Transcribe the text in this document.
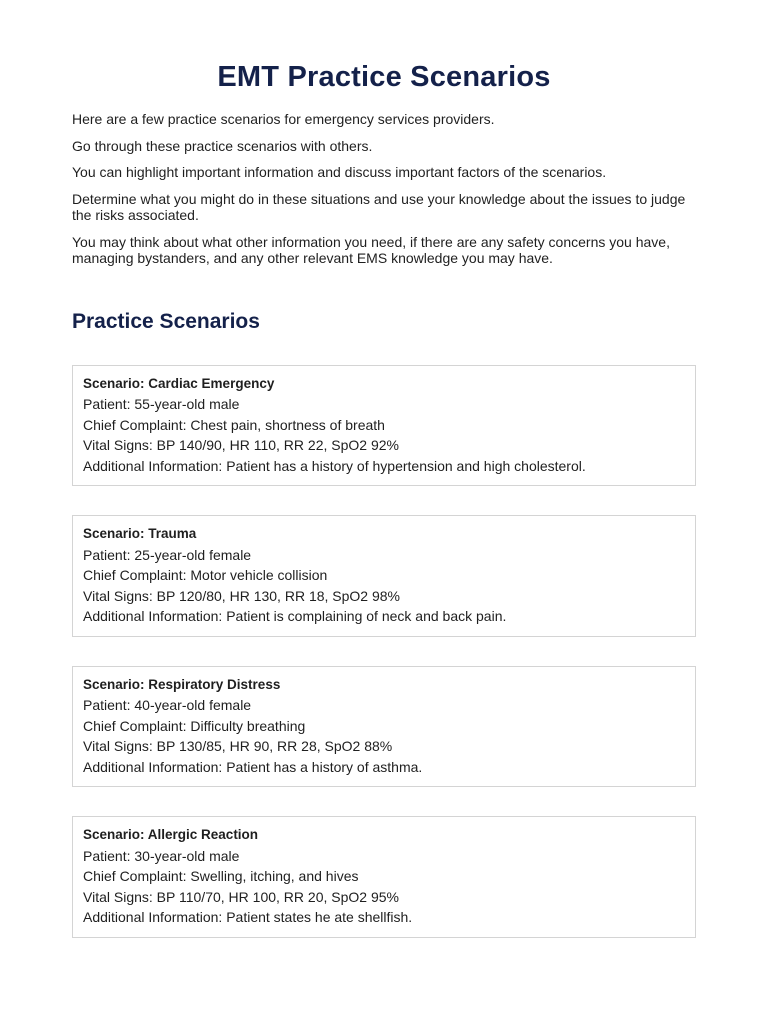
EMT Practice Scenarios

Here are a few practice scenarios for emergency services providers.

Go through these practice scenarios with others.

You can highlight important information and discuss important factors of the scenarios.

Determine what you might do in these situations and use your knowledge about the issues to judge the risks associated.

You may think about what other information you need, if there are any safety concerns you have, managing bystanders, and any other relevant EMS knowledge you may have.

Practice Scenarios
Scenario: Cardiac Emergency
Patient: 55-year-old male
Chief Complaint: Chest pain, shortness of breath
Vital Signs: BP 140/90, HR 110, RR 22, SpO2 92%
Additional Information: Patient has a history of hypertension and high cholesterol.
Scenario: Trauma
Patient: 25-year-old female
Chief Complaint: Motor vehicle collision
Vital Signs: BP 120/80, HR 130, RR 18, SpO2 98%
Additional Information: Patient is complaining of neck and back pain.
Scenario: Respiratory Distress
Patient: 40-year-old female
Chief Complaint: Difficulty breathing
Vital Signs: BP 130/85, HR 90, RR 28, SpO2 88%
Additional Information: Patient has a history of asthma.
Scenario: Allergic Reaction
Patient: 30-year-old male
Chief Complaint: Swelling, itching, and hives
Vital Signs: BP 110/70, HR 100, RR 20, SpO2 95%
Additional Information: Patient states he ate shellfish.
